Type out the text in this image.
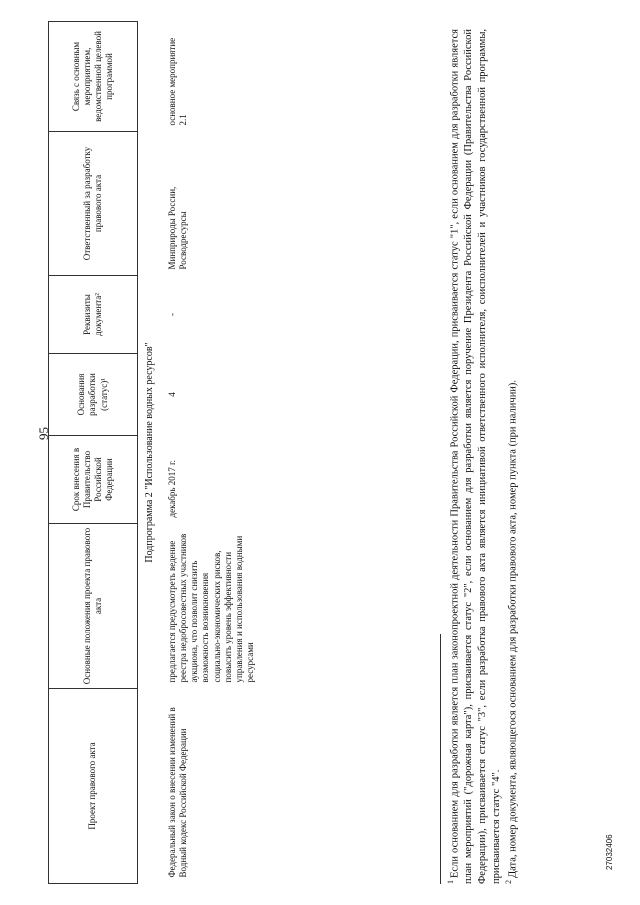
95
Проект правового акта	Основные положения проекта правового акта	Срок внесения в Правительство Российской Федерации	Основания разработки (статус)¹	Реквизиты документа²	Ответственный за разработку правового акта	Связь с основным мероприятием, ведомственной целевой программой
Подпрограмма 2 "Использование водных ресурсов"						
Федеральный закон о внесении изменений в Водный кодекс Российской Федерации	предлагается предусмотреть ведение реестра недобросовестных участников аукциона, что позволит снизить возможность возникновения социально-экономических рисков, повысить уровень эффективности управления и использования водными ресурсами	декабрь 2017 г.	4	-	Минприроды России, Росводресурсы	основное мероприятие 2.1

$^1$Если основанием для разработки является план законопроектной деятельности Правительства Российской Федерации, присваивается статус "1", если основанием для разработки является план мероприятий ("дорожная карта"), присваивается статус "2", если основанием для разработки является поручение Президента Российской Федерации (Правительства Российской Федерации), присваивается статус "3", если разработка правового акта является инициативой ответственного исполнителя, соисполнителей и участников государственной программы, присваивается статус "4". $^2$Дата, номер документа, являющегося основанием для разработки правового акта, номер пункта (при наличии).	27032406
